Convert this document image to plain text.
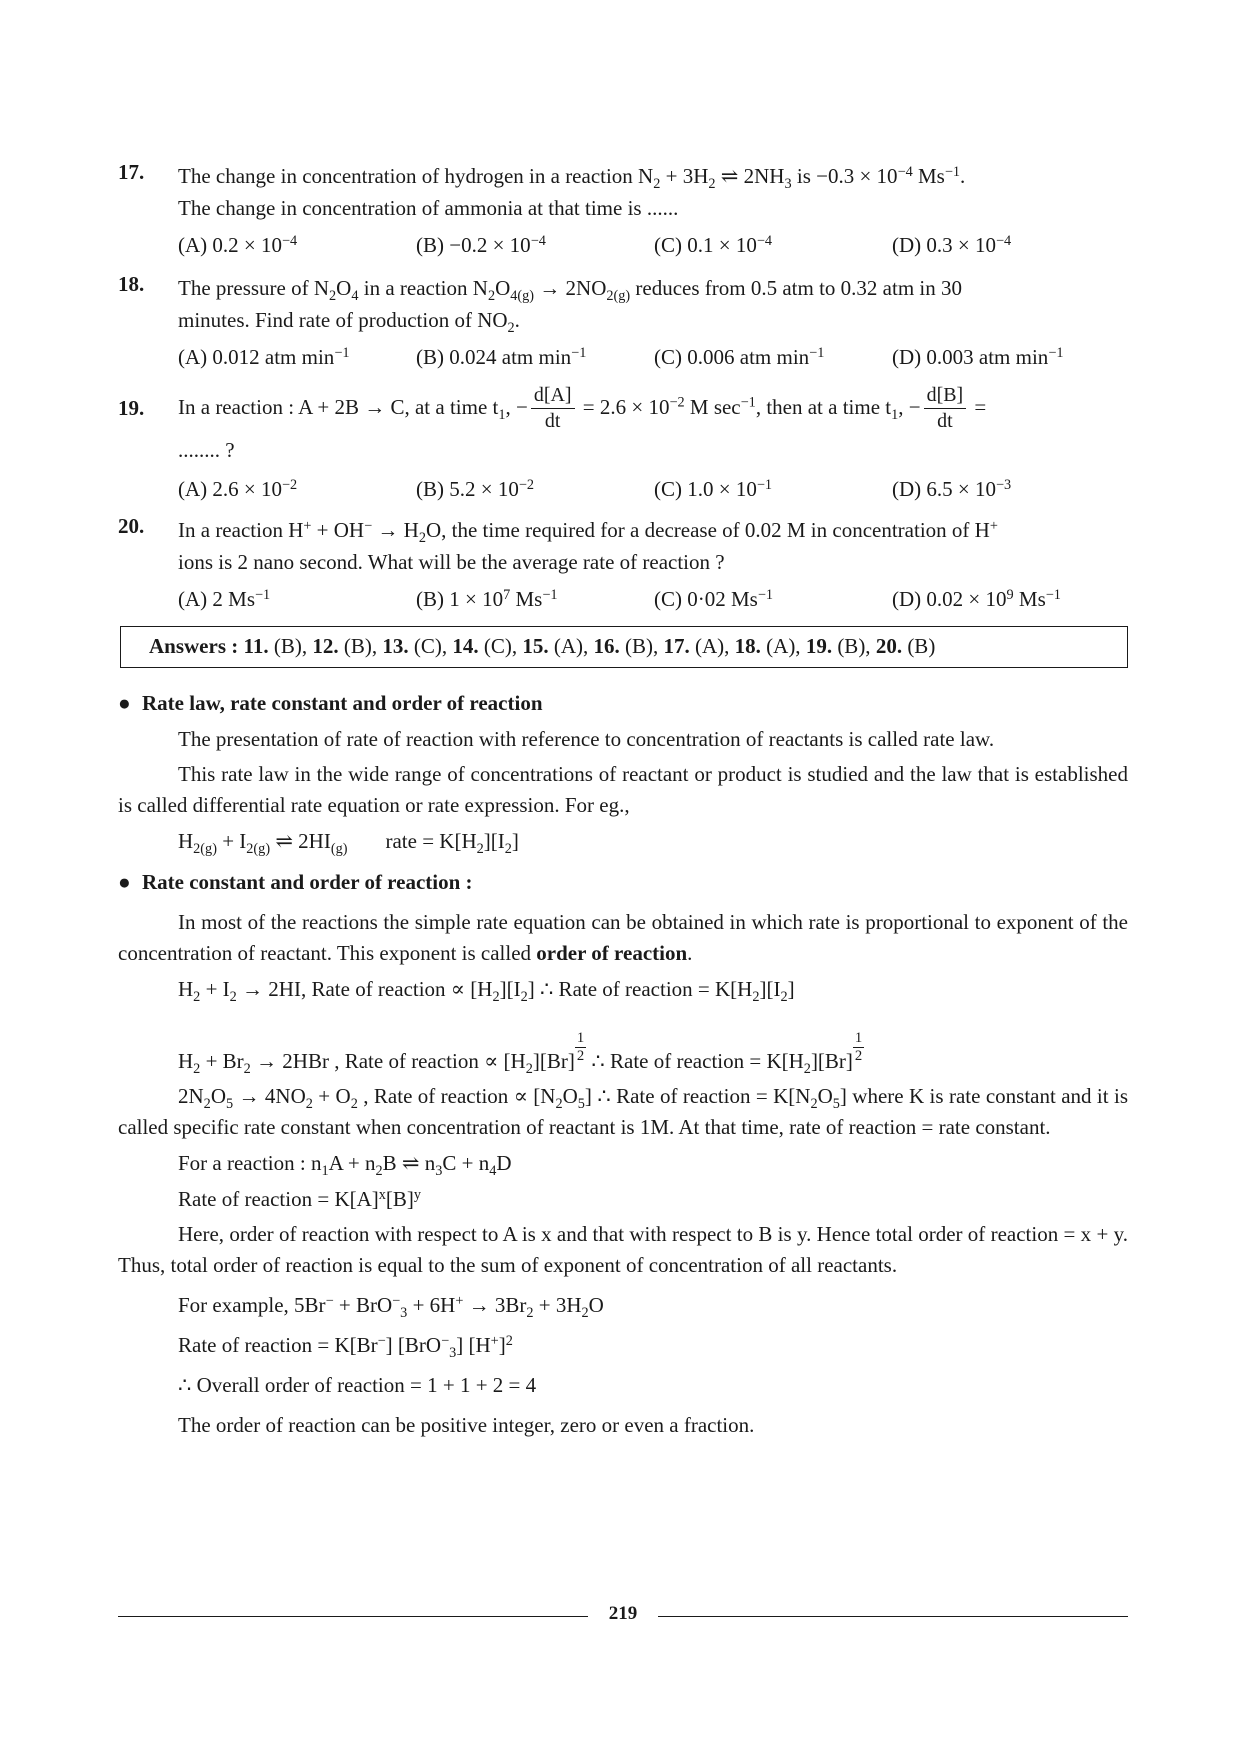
17. The change in concentration of hydrogen in a reaction $N_2 + 3H_2$ ⇌ $2NH_3$ is $-0.3 \times 10^{-4}$ $Ms^{-1}$.
The change in concentration of ammonia at that time is ......
(A) $0.2 \times 10^{-4}$	$(B) -0.2 \times 10^{-4}$	(C) $0.1 \times 10^{-4}$	(D) $0.3 \times 10^{-4}$
18. The pressure of $N_2O_4$ in a reaction $N_2O_{4(g)} \to 2NO_{2(g)}$ reduces from 0.5 atm to 0.32 atm in 30
minutes. Find rate of production of $NO_2$.
(A) 0.012 atm $\min^{-1}$	(B) 0.024 atm $\min^{-1}$	(C) 0.006 atm $\min^{-1}$	(D) 0.003 atm $\min^{-1}$
19. In a reaction : A + 2B → C, at a time $t_1$, − $\frac{d[A]}{dt} = 2.6 \times 10^{-2}$ M $\sec^{-1}$, then at a time $t_1$, − $\frac{d[B]}{dt}$ =
........ ?
(A) $2.6 \times 10^{-2}$	(B) $5.2 \times 10^{-2}$	(C) $1.0 \times 10^{-1}$	(D) $6.5 \times 10^{-3}$
20. In a reaction $H^+ + OH^- \to H_2O$, the time required for a decrease of 0.02 M in concentration of H+
ions is 2 nano second. What will be the average rate of reaction ?
(A) 2 $Ms^{-1}$	(B) $1 \times 10^7$ $Ms^{-1}$	(C) 0·02 $Ms^{-1}$	(D) $0.02 \times 10^9$ $Ms^{-1}$
Answers : 11. (B), 12. (B), 13. (C), 14. (C), 15. (A), 16. (B), 17. (A), 18. (A), 19. (B), 20. (B)
● Rate law, rate constant and order of reaction
The presentation of rate of reaction with reference to concentration of reactants is called rate law.
This rate law in the wide range of concentrations of reactant or product is studied and the law that is established is called differential rate equation or rate expression. For eg.,
$H_{2(g)} + I_{2(g)}$ ⇌ $2HI_{(g)}$ rate = $K[H_2][I_2]$
● Rate constant and order of reaction :
In most of the reactions the simple rate equation can be obtained in which rate is proportional to exponent of the concentration of reactant. This exponent is called order of reaction.
$H_2 + I_2 \to 2HI$, Rate of reaction ∝ $[H_2][I_2]$ ∴ Rate of reaction = $K[H_2][I_2]$
$H_2 + Br_2 \to 2HBr$ , Rate of reaction ∝ $[H_2][Br] \frac{1}{2}$ ∴ Rate of reaction = $K[H_2][Br] \frac{1}{2}$
$2N_2O_5 \to 4NO_2 + O_2$ , Rate of reaction ∝ $[N_2O_5]$ ∴ Rate of reaction = $K[N_2O_5]$ where K is rate constant and it is called specific rate constant when concentration of reactant is 1M. At that time, rate of reaction = rate constant.
For a reaction : $n_1A + n_2B$ ⇌ $n_3C + n_4D$
Rate of reaction = $K[A]^x[B]^y$
Here, order of reaction with respect to A is x and that with respect to B is y. Hence total order of reaction = x + y. Thus, total order of reaction is equal to the sum of exponent of concentration of all reactants.
For example, $5Br^- + BrO^-_3 + 6H^+ \to 3Br_2 + 3H_2O$
Rate of reaction = K[Br−] [BrO−$_3$] $[H^+]^2$
∴ Overall order of reaction = 1 + 1 + 2 = 4
The order of reaction can be positive integer, zero or even a fraction.
219
